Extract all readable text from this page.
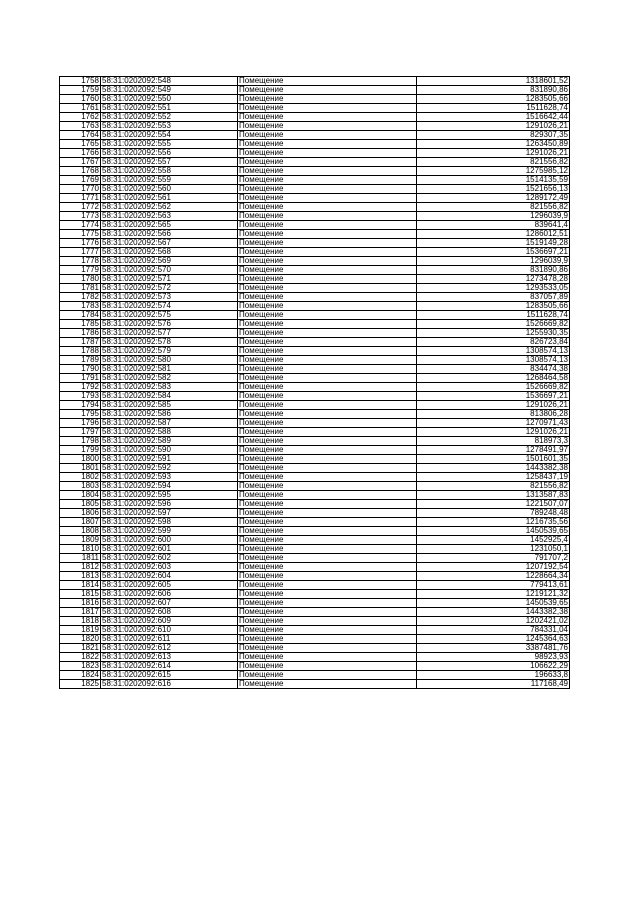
1758	58:31:0202092:548	Помещение	1318601,52
1759	58:31:0202092:549	Помещение	831890,86
1760	58:31:0202092:550	Помещение	1283505,66
1761	58:31:0202092:551	Помещение	1511628,74
1762	58:31:0202092:552	Помещение	1516642,44
1763	58:31:0202092:553	Помещение	1291026,21
1764	58:31:0202092:554	Помещение	829307,35
1765	58:31:0202092:555	Помещение	1263450,89
1766	58:31:0202092:556	Помещение	1291026,21
1767	58:31:0202092:557	Помещение	821556,82
1768	58:31:0202092:558	Помещение	1275985,12
1769	58:31:0202092:559	Помещение	1514135,59
1770	58:31:0202092:560	Помещение	1521656,13
1771	58:31:0202092:561	Помещение	1289172,49
1772	58:31:0202092:562	Помещение	821556,82
1773	58:31:0202092:563	Помещение	1296039,9
1774	58:31:0202092:565	Помещение	839641,4
1775	58:31:0202092:566	Помещение	1286012,51
1776	58:31:0202092:567	Помещение	1519149,28
1777	58:31:0202092:568	Помещение	1536697,21
1778	58:31:0202092:569	Помещение	1296039,9
1779	58:31:0202092:570	Помещение	831890,86
1780	58:31:0202092:571	Помещение	1273478,28
1781	58:31:0202092:572	Помещение	1293533,05
1782	58:31:0202092:573	Помещение	837057,89
1783	58:31:0202092:574	Помещение	1283505,66
1784	58:31:0202092:575	Помещение	1511628,74
1785	58:31:0202092:576	Помещение	1526669,82
1786	58:31:0202092:577	Помещение	1255930,35
1787	58:31:0202092:578	Помещение	826723,84
1788	58:31:0202092:579	Помещение	1308574,13
1789	58:31:0202092:580	Помещение	1308574,13
1790	58:31:0202092:581	Помещение	834474,38
1791	58:31:0202092:582	Помещение	1268464,58
1792	58:31:0202092:583	Помещение	1526669,82
1793	58:31:0202092:584	Помещение	1536697,21
1794	58:31:0202092:585	Помещение	1291026,21
1795	58:31:0202092:586	Помещение	813806,28
1796	58:31:0202092:587	Помещение	1270971,43
1797	58:31:0202092:588	Помещение	1291026,21
1798	58:31:0202092:589	Помещение	818973,3
1799	58:31:0202092:590	Помещение	1278491,97
1800	58:31:0202092:591	Помещение	1501601,35
1801	58:31:0202092:592	Помещение	1443382,38
1802	58:31:0202092:593	Помещение	1258437,19
1803	58:31:0202092:594	Помещение	821556,82
1804	58:31:0202092:595	Помещение	1313587,83
1805	58:31:0202092:596	Помещение	1221507,07
1806	58:31:0202092:597	Помещение	789248,48
1807	58:31:0202092:598	Помещение	1216735,56
1808	58:31:0202092:599	Помещение	1450539,65
1809	58:31:0202092:600	Помещение	1452925,4
1810	58:31:0202092:601	Помещение	1231050,1
1811	58:31:0202092:602	Помещение	791707,2
1812	58:31:0202092:603	Помещение	1207192,54
1813	58:31:0202092:604	Помещение	1228664,34
1814	58:31:0202092:605	Помещение	779413,61
1815	58:31:0202092:606	Помещение	1219121,32
1816	58:31:0202092:607	Помещение	1450539,65
1817	58:31:0202092:608	Помещение	1443382,38
1818	58:31:0202092:609	Помещение	1202421,02
1819	58:31:0202092:610	Помещение	784331,04
1820	58:31:0202092:611	Помещение	1245364,63
1821	58:31:0202092:612	Помещение	3387481,76
1822	58:31:0202092:613	Помещение	98923,93
1823	58:31:0202092:614	Помещение	106622,29
1824	58:31:0202092:615	Помещение	196633,8
1825	58:31:0202092:616	Помещение	117168,49
